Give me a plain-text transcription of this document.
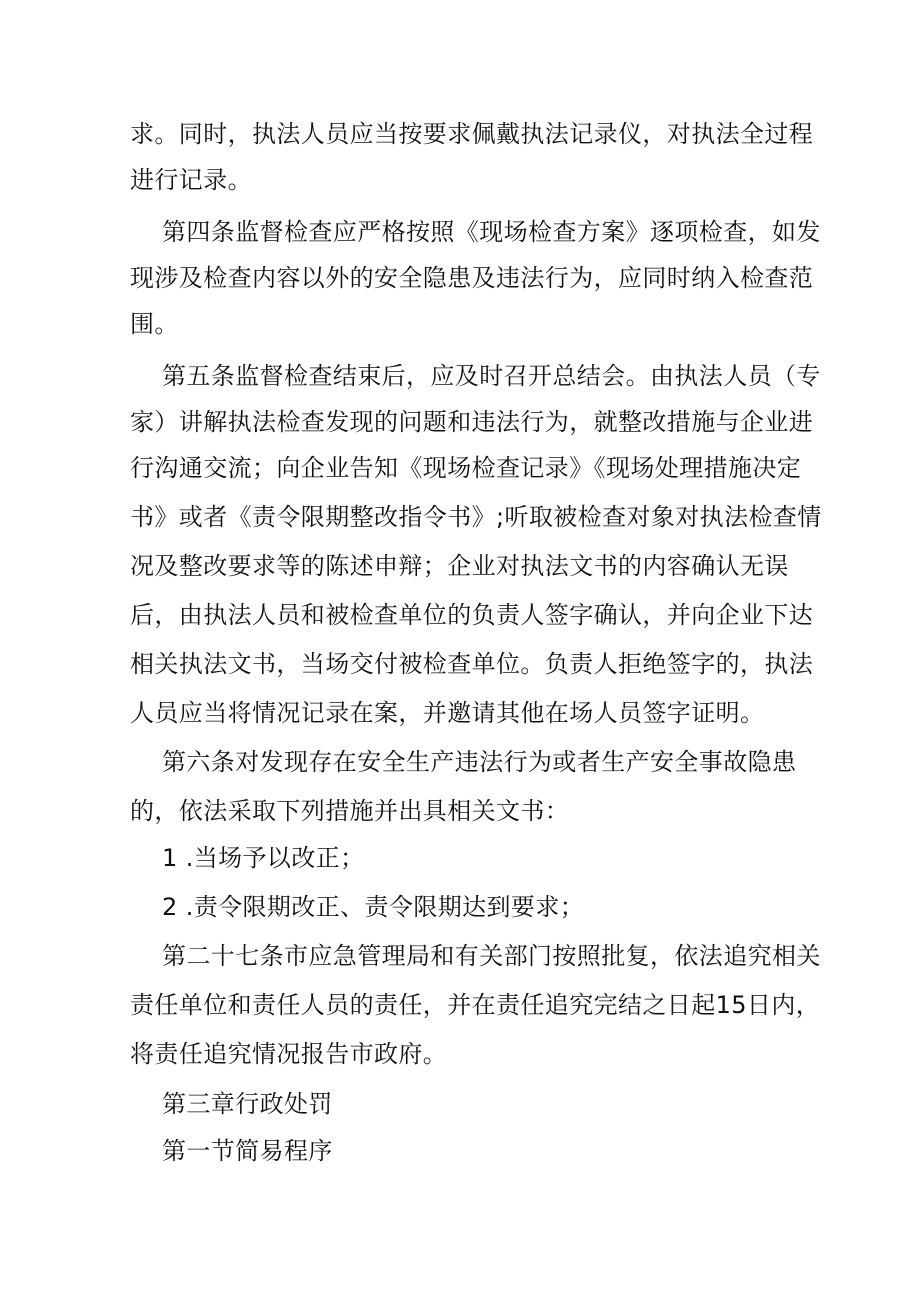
求。同时，执法人员应当按要求佩戴执法记录仪，对执法全过程
进行记录。
第四条监督检查应严格按照《现场检查方案》逐项检查，如发
现涉及检查内容以外的安全隐患及违法行为，应同时纳入检查范
围。
第五条监督检查结束后，应及时召开总结会。由执法人员（专
家）讲解执法检查发现的问题和违法行为，就整改措施与企业进
行沟通交流；向企业告知《现场检查记录》《现场处理措施决定
书》或者《责令限期整改指令书》;听取被检查对象对执法检查情
况及整改要求等的陈述申辩；企业对执法文书的内容确认无误
后，由执法人员和被检查单位的负责人签字确认，并向企业下达
相关执法文书，当场交付被检查单位。负责人拒绝签字的，执法
人员应当将情况记录在案，并邀请其他在场人员签字证明。
第六条对发现存在安全生产违法行为或者生产安全事故隐患
的，依法采取下列措施并出具相关文书：
1 .当场予以改正；
2 .责令限期改正、责令限期达到要求；
第二十七条市应急管理局和有关部门按照批复，依法追究相关
责任单位和责任人员的责任，并在责任追究完结之日起15日内，
将责任追究情况报告市政府。
第三章行政处罚
第一节简易程序
